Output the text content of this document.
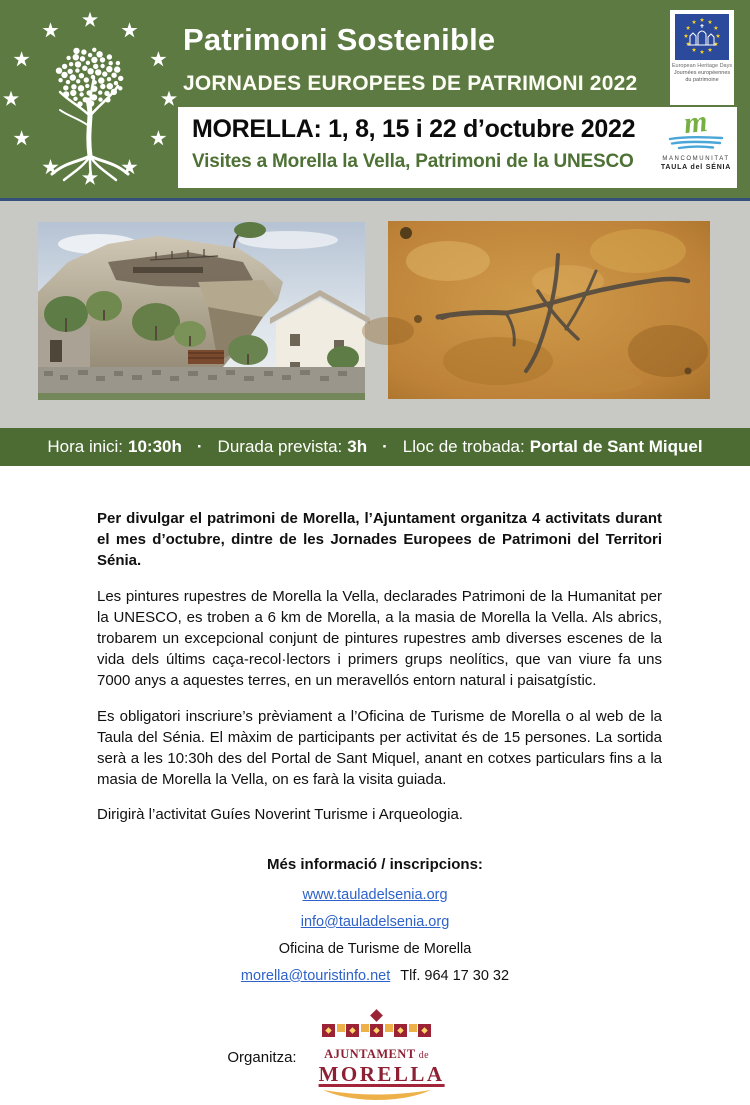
Patrimoni Sostenible
JORNADES EUROPEES DE PATRIMONI 2022
European Heritage Days
Journées européennes
du patrimoine
MORELLA: 1, 8, 15 i 22 d’octubre 2022
Visites a Morella la Vella, Patrimoni de la UNESCO
m
MANCOMUNITAT
TAULA del SÉNIA
Hora inici: 10:30h · Durada prevista: 3h · Lloc de trobada: Portal de Sant Miquel

Per divulgar el patrimoni de Morella, l’Ajuntament organitza 4 activitats durant el mes d’octubre, dintre de les Jornades Europees de Patrimoni del Territori Sénia.

Les pintures rupestres de Morella la Vella, declarades Patrimoni de la Humanitat per la UNESCO, es troben a 6 km de Morella, a la masia de Morella la Vella. Als abrics, trobarem un excepcional conjunt de pintures rupestres amb diverses escenes de la vida dels últims caça-recol·lectors i primers grups neolítics, que van viure fa uns 7000 anys a aquestes terres, en un meravellós entorn natural i paisatgístic.

Es obligatori inscriure’s prèviament a l’Oficina de Turisme de Morella o al web de la Taula del Sénia. El màxim de participants per activitat és de 15 persones. La sortida serà a les 10:30h des del Portal de Sant Miquel, anant en cotxes particulars fins a la masia de Morella la Vella, on es farà la visita guiada.

Dirigirà l’activitat Guíes Noverint Turisme i Arqueologia.

Més informació / inscripcions:
www.tauladelsenia.org
info@tauladelsenia.org
Oficina de Turisme de Morella
morella@touristinfo.net Tlf. 964 17 30 32
Organitza:	AJUNTAMENT de
MORELLA
